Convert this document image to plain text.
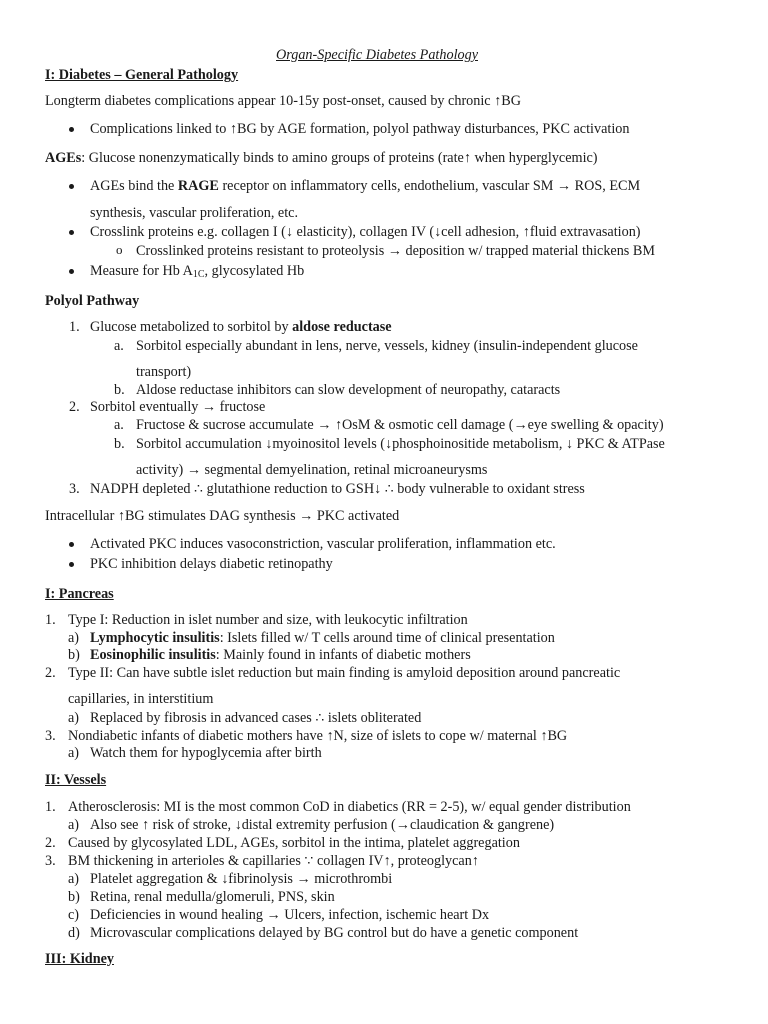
Organ-Specific Diabetes Pathology
I: Diabetes – General Pathology
Longterm diabetes complications appear 10-15y post-onset, caused by chronic ↑BG
Complications linked to ↑BG by AGE formation, polyol pathway disturbances, PKC activation
AGEs: Glucose nonenzymatically binds to amino groups of proteins (rate↑ when hyperglycemic)
AGEs bind the RAGE receptor on inflammatory cells, endothelium, vascular SM → ROS, ECM
synthesis, vascular proliferation, etc.
Crosslink proteins e.g. collagen I (↓ elasticity), collagen IV (↓cell adhesion, ↑fluid extravasation)
o Crosslinked proteins resistant to proteolysis → deposition w/ trapped material thickens BM
Measure for Hb A1C, glycosylated Hb
Polyol Pathway
1. Glucose metabolized to sorbitol by aldose reductase
a. Sorbitol especially abundant in lens, nerve, vessels, kidney (insulin-independent glucose
transport)
b. Aldose reductase inhibitors can slow development of neuropathy, cataracts
2. Sorbitol eventually → fructose
a. Fructose & sucrose accumulate → ↑OsM & osmotic cell damage (→eye swelling & opacity)
b. Sorbitol accumulation ↓myoinositol levels (↓phosphoinositide metabolism, ↓ PKC & ATPase
activity) → segmental demyelination, retinal microaneurysms
3. NADPH depleted ∴ glutathione reduction to GSH↓ ∴ body vulnerable to oxidant stress
Intracellular ↑BG stimulates DAG synthesis → PKC activated
Activated PKC induces vasoconstriction, vascular proliferation, inflammation etc.
PKC inhibition delays diabetic retinopathy
I: Pancreas
1. Type I: Reduction in islet number and size, with leukocytic infiltration
a) Lymphocytic insulitis: Islets filled w/ T cells around time of clinical presentation
b) Eosinophilic insulitis: Mainly found in infants of diabetic mothers
2. Type II: Can have subtle islet reduction but main finding is amyloid deposition around pancreatic
capillaries, in interstitium
a) Replaced by fibrosis in advanced cases ∴ islets obliterated
3. Nondiabetic infants of diabetic mothers have ↑N, size of islets to cope w/ maternal ↑BG
a) Watch them for hypoglycemia after birth
II: Vessels
1. Atherosclerosis: MI is the most common CoD in diabetics (RR = 2-5), w/ equal gender distribution
a) Also see ↑ risk of stroke, ↓distal extremity perfusion (→claudication & gangrene)
2. Caused by glycosylated LDL, AGEs, sorbitol in the intima, platelet aggregation
3. BM thickening in arterioles & capillaries ∵ collagen IV↑, proteoglycan↑
a) Platelet aggregation & ↓fibrinolysis → microthrombi
b) Retina, renal medulla/glomeruli, PNS, skin
c) Deficiencies in wound healing → Ulcers, infection, ischemic heart Dx
d) Microvascular complications delayed by BG control but do have a genetic component
III: Kidney
